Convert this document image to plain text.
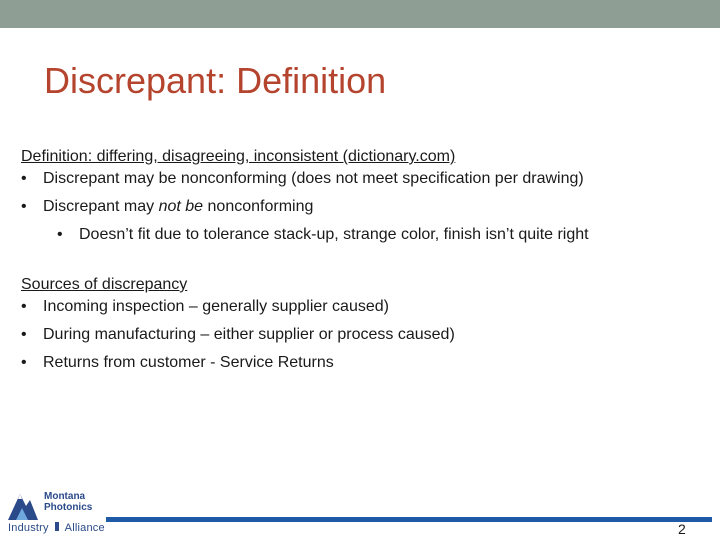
Discrepant: Definition
Definition: differing, disagreeing, inconsistent (dictionary.com)
• Discrepant may be nonconforming (does not meet specification per drawing)
• Discrepant may not be nonconforming
• Doesn’t fit due to tolerance stack-up, strange color, finish isn’t quite right
Sources of discrepancy
• Incoming inspection – generally supplier caused)
• During manufacturing – either supplier or process caused)
• Returns from customer - Service Returns
Montana
Photonics
Industry Alliance	2
